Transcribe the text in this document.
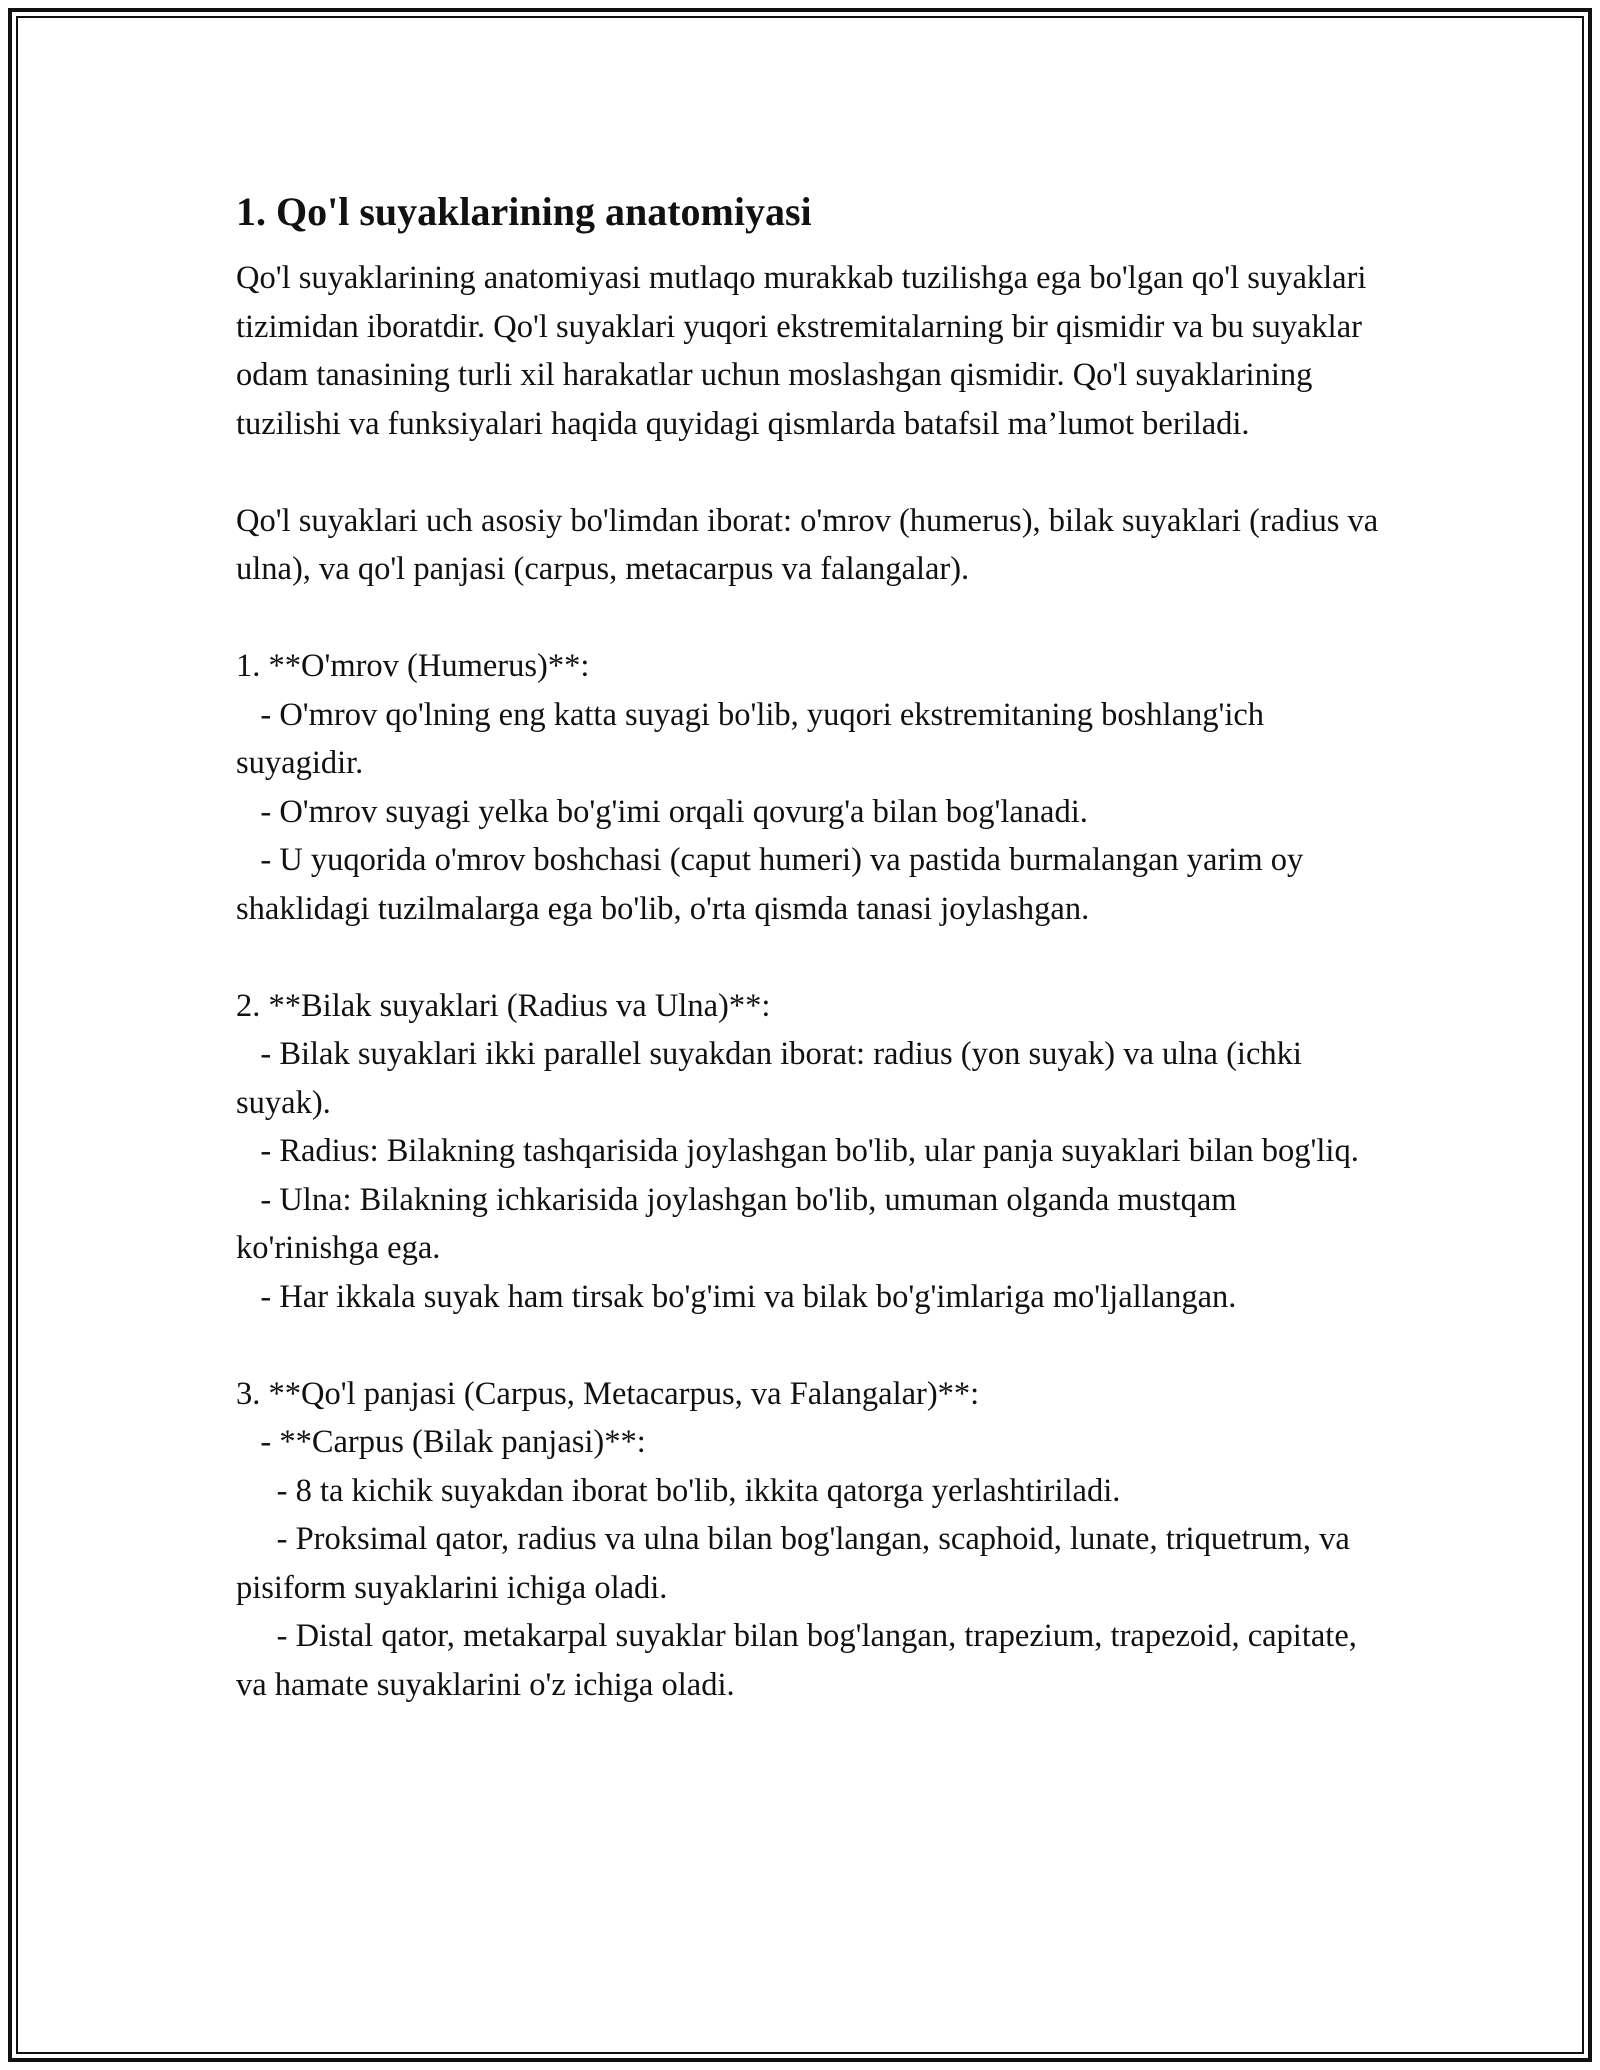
1. Qo'l suyaklarining anatomiyasi

Qo'l suyaklarining anatomiyasi mutlaqo murakkab tuzilishga ega bo'lgan qo'l suyaklari tizimidan iboratdir. Qo'l suyaklari yuqori ekstremitalarning bir qismidir va bu suyaklar odam tanasining turli xil harakatlar uchun moslashgan qismidir. Qo'l suyaklarining tuzilishi va funksiyalari haqida quyidagi qismlarda batafsil ma’lumot beriladi.

Qo'l suyaklari uch asosiy bo'limdan iborat: o'mrov (humerus), bilak suyaklari (radius va ulna), va qo'l panjasi (carpus, metacarpus va falangalar).

1. **O'mrov (Humerus)**:

- O'mrov qo'lning eng katta suyagi bo'lib, yuqori ekstremitaning boshlang'ich suyagidir.

- O'mrov suyagi yelka bo'g'imi orqali qovurg'a bilan bog'lanadi.

- U yuqorida o'mrov boshchasi (caput humeri) va pastida burmalangan yarim oy shaklidagi tuzilmalarga ega bo'lib, o'rta qismda tanasi joylashgan.

2. **Bilak suyaklari (Radius va Ulna)**:

- Bilak suyaklari ikki parallel suyakdan iborat: radius (yon suyak) va ulna (ichki suyak).

- Radius: Bilakning tashqarisida joylashgan bo'lib, ular panja suyaklari bilan bog'liq.

- Ulna: Bilakning ichkarisida joylashgan bo'lib, umuman olganda mustqam ko'rinishga ega.

- Har ikkala suyak ham tirsak bo'g'imi va bilak bo'g'imlariga mo'ljallangan.

3. **Qo'l panjasi (Carpus, Metacarpus, va Falangalar)**:

- **Carpus (Bilak panjasi)**:

- 8 ta kichik suyakdan iborat bo'lib, ikkita qatorga yerlashtiriladi.

- Proksimal qator, radius va ulna bilan bog'langan, scaphoid, lunate, triquetrum, va pisiform suyaklarini ichiga oladi.

- Distal qator, metakarpal suyaklar bilan bog'langan, trapezium, trapezoid, capitate, va hamate suyaklarini o'z ichiga oladi.
